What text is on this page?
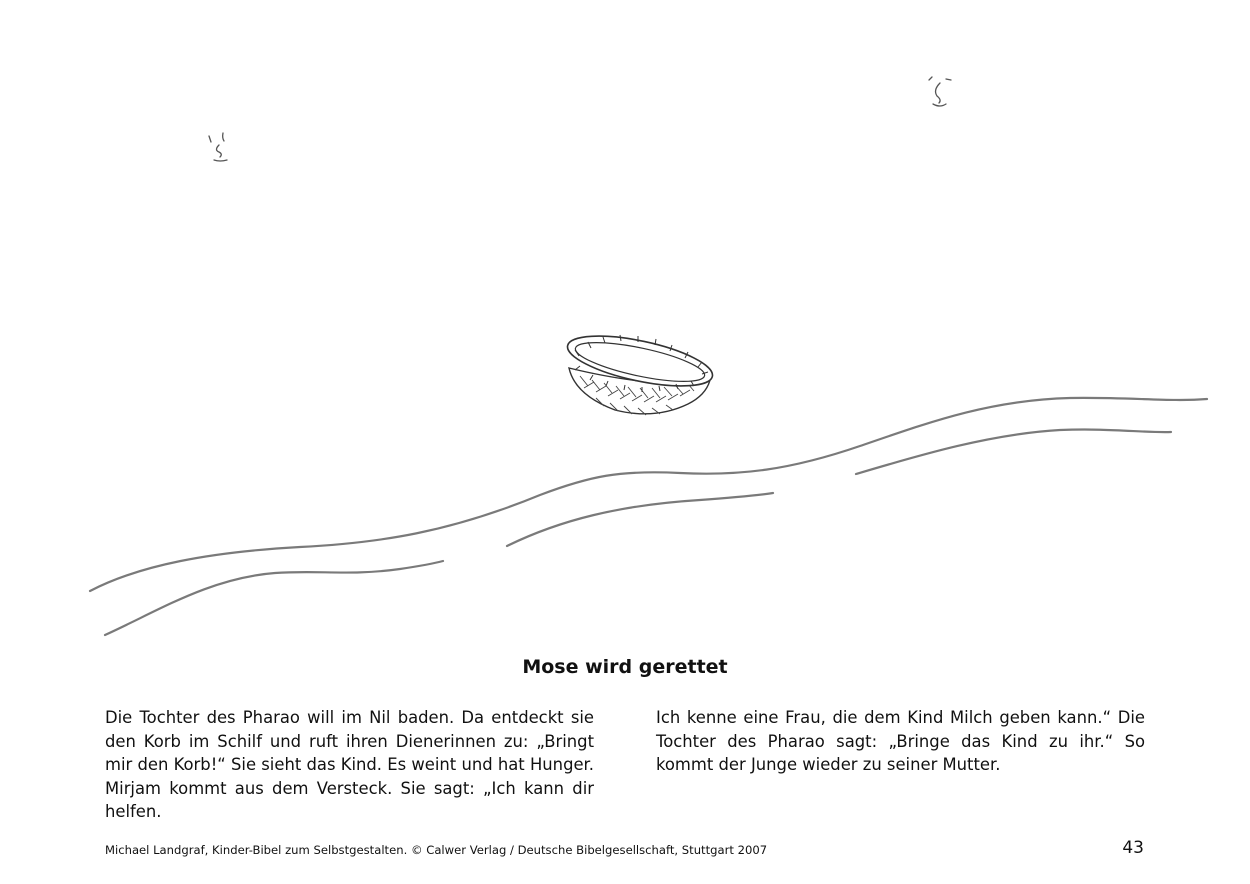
Mose wird gerettet

Die Tochter des Pharao will im Nil baden. Da entdeckt sie den Korb im Schilf und ruft ihren Dienerinnen zu: „Bringt mir den Korb!“ Sie sieht das Kind. Es weint und hat Hunger. Mirjam kommt aus dem Versteck. Sie sagt: „Ich kann dir helfen.

Ich kenne eine Frau, die dem Kind Milch geben kann.“ Die Tochter des Pharao sagt: „Bringe das Kind zu ihr.“ So kommt der Junge wieder zu seiner Mutter.

Michael Landgraf, Kinder-Bibel zum Selbstgestalten. © Calwer Verlag / Deutsche Bibelgesellschaft, Stuttgart 2007	43
